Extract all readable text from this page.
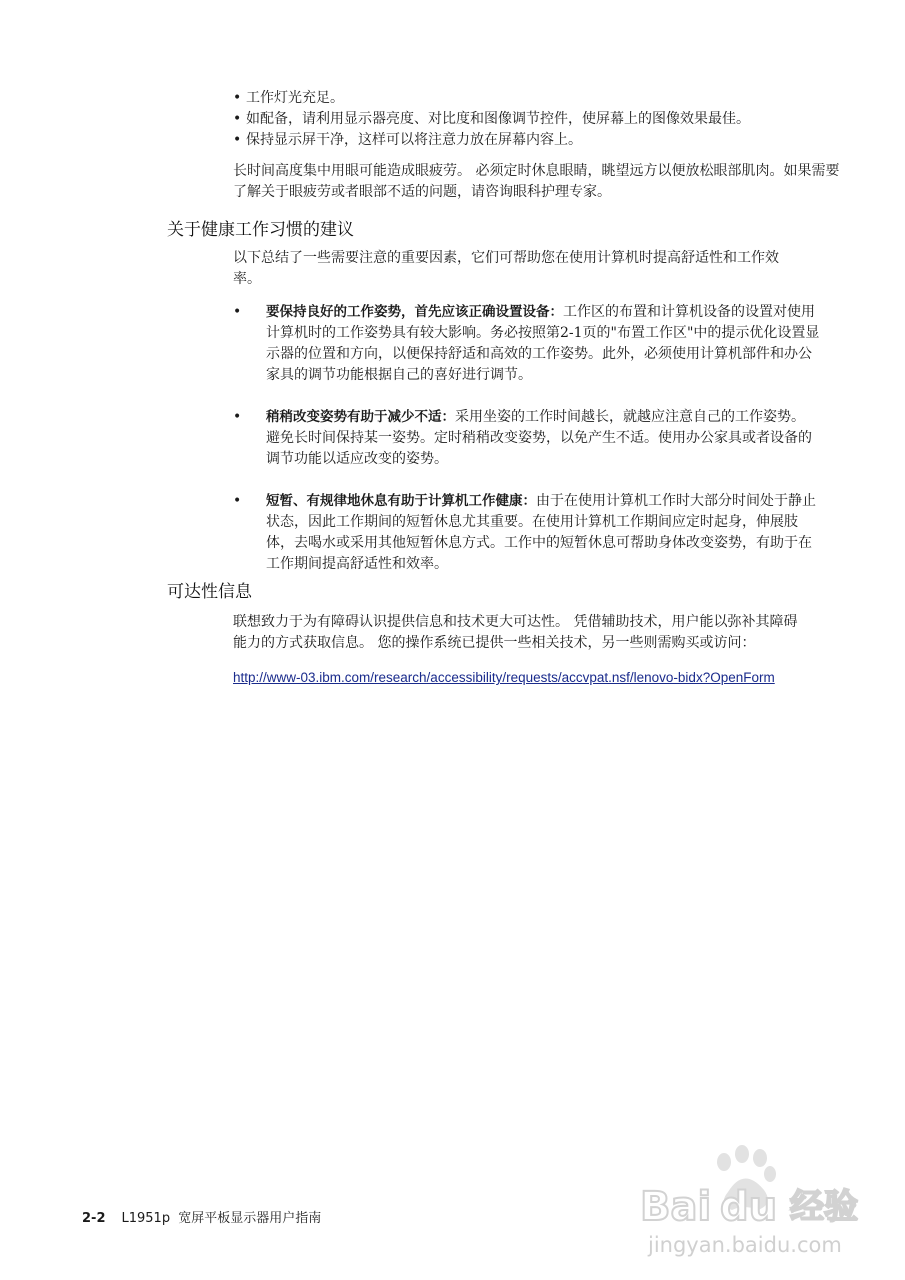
• 工作灯光充足。
• 如配备，请利用显示器亮度、对比度和图像调节控件，使屏幕上的图像效果最佳。
• 保持显示屏干净，这样可以将注意力放在屏幕内容上。

长时间高度集中用眼可能造成眼疲劳。 必须定时休息眼睛，眺望远方以便放松眼部肌肉。如果需要了解关于眼疲劳或者眼部不适的问题，请咨询眼科护理专家。

关于健康工作习惯的建议

以下总结了一些需要注意的重要因素，它们可帮助您在使用计算机时提高舒适性和工作效率。

• 要保持良好的工作姿势，首先应该正确设置设备：工作区的布置和计算机设备的设置对使用计算机时的工作姿势具有较大影响。务必按照第2-1页的"布置工作区"中的提示优化设置显示器的位置和方向，以便保持舒适和高效的工作姿势。此外，必须使用计算机部件和办公家具的调节功能根据自己的喜好进行调节。
• 稍稍改变姿势有助于减少不适：采用坐姿的工作时间越长，就越应注意自己的工作姿势。 避免长时间保持某一姿势。定时稍稍改变姿势，以免产生不适。使用办公家具或者设备的调节功能以适应改变的姿势。
• 短暂、有规律地休息有助于计算机工作健康：由于在使用计算机工作时大部分时间处于静止状态，因此工作期间的短暂休息尤其重要。在使用计算机工作期间应定时起身，伸展肢体，去喝水或采用其他短暂休息方式。工作中的短暂休息可帮助身体改变姿势，有助于在工作期间提高舒适性和效率。
可达性信息

联想致力于为有障碍认识提供信息和技术更大可达性。 凭借辅助技术，用户能以弥补其障碍能力的方式获取信息。 您的操作系统已提供一些相关技术，另一些则需购买或访问：

http://www-03.ibm.com/research/accessibility/requests/accvpat.nsf/lenovo-bidx?OpenForm
2-2 L1951p 宽屏平板显示器用户指南	Bai du 经验
jingyan.baidu.com
